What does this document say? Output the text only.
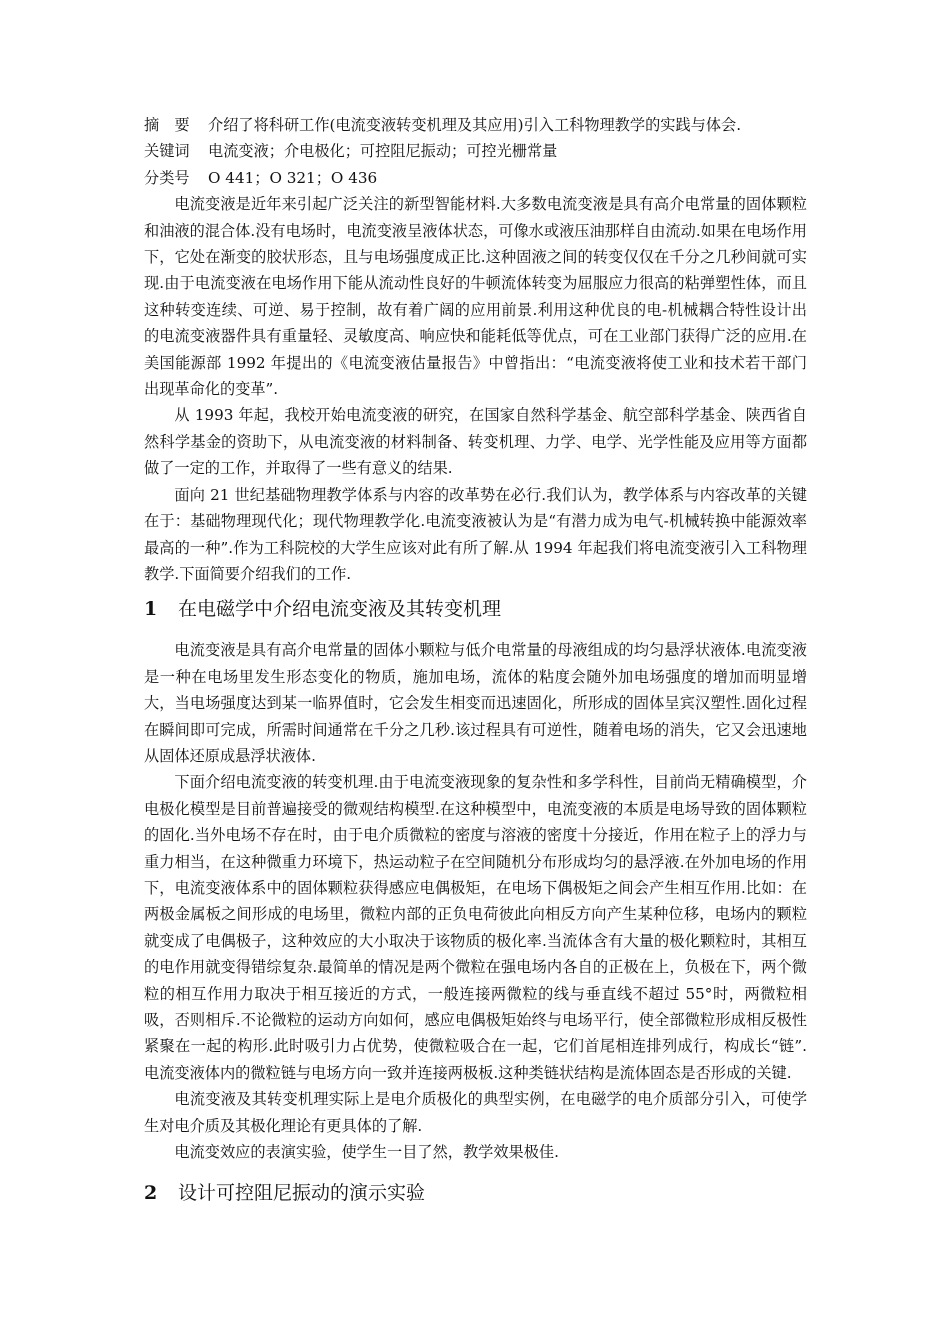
摘　要 介绍了将科研工作(电流变液转变机理及其应用)引入工科物理教学的实践与体会.
关键词 电流变液；介电极化；可控阻尼振动；可控光栅常量
分类号 O 441；O 321；O 436

电流变液是近年来引起广泛关注的新型智能材料.大多数电流变液是具有高介电常量的固体颗粒和油液的混合体.没有电场时，电流变液呈液体状态，可像水或液压油那样自由流动.如果在电场作用下，它处在渐变的胶状形态，且与电场强度成正比.这种固液之间的转变仅仅在千分之几秒间就可实现.由于电流变液在电场作用下能从流动性良好的牛顿流体转变为屈服应力很高的粘弹塑性体，而且这种转变连续、可逆、易于控制，故有着广阔的应用前景.利用这种优良的电-机械耦合特性设计出的电流变液器件具有重量轻、灵敏度高、响应快和能耗低等优点，可在工业部门获得广泛的应用.在美国能源部 1992 年提出的《电流变液估量报告》中曾指出：“电流变液将使工业和技术若干部门出现革命化的变革”.

从 1993 年起，我校开始电流变液的研究，在国家自然科学基金、航空部科学基金、陕西省自然科学基金的资助下，从电流变液的材料制备、转变机理、力学、电学、光学性能及应用等方面都做了一定的工作，并取得了一些有意义的结果.

面向 21 世纪基础物理教学体系与内容的改革势在必行.我们认为，教学体系与内容改革的关键在于：基础物理现代化；现代物理教学化.电流变液被认为是“有潜力成为电气-机械转换中能源效率最高的一种”.作为工科院校的大学生应该对此有所了解.从 1994 年起我们将电流变液引入工科物理教学.下面简要介绍我们的工作.

1 在电磁学中介绍电流变液及其转变机理

电流变液是具有高介电常量的固体小颗粒与低介电常量的母液组成的均匀悬浮状液体.电流变液是一种在电场里发生形态变化的物质，施加电场，流体的粘度会随外加电场强度的增加而明显增大，当电场强度达到某一临界值时，它会发生相变而迅速固化，所形成的固体呈宾汉塑性.固化过程在瞬间即可完成，所需时间通常在千分之几秒.该过程具有可逆性，随着电场的消失，它又会迅速地从固体还原成悬浮状液体.

下面介绍电流变液的转变机理.由于电流变液现象的复杂性和多学科性，目前尚无精确模型，介电极化模型是目前普遍接受的微观结构模型.在这种模型中，电流变液的本质是电场导致的固体颗粒的固化.当外电场不存在时，由于电介质微粒的密度与溶液的密度十分接近，作用在粒子上的浮力与重力相当，在这种微重力环境下，热运动粒子在空间随机分布形成均匀的悬浮液.在外加电场的作用下，电流变液体系中的固体颗粒获得感应电偶极矩，在电场下偶极矩之间会产生相互作用.比如：在两极金属板之间形成的电场里，微粒内部的正负电荷彼此向相反方向产生某种位移，电场内的颗粒就变成了电偶极子，这种效应的大小取决于该物质的极化率.当流体含有大量的极化颗粒时，其相互的电作用就变得错综复杂.最简单的情况是两个微粒在强电场内各自的正极在上，负极在下，两个微粒的相互作用力取决于相互接近的方式，一般连接两微粒的线与垂直线不超过 55°时，两微粒相吸，否则相斥.不论微粒的运动方向如何，感应电偶极矩始终与电场平行，使全部微粒形成相反极性紧聚在一起的构形.此时吸引力占优势，使微粒吸合在一起，它们首尾相连排列成行，构成长“链”.电流变液体内的微粒链与电场方向一致并连接两极板.这种类链状结构是流体固态是否形成的关键.

电流变液及其转变机理实际上是电介质极化的典型实例，在电磁学的电介质部分引入，可使学生对电介质及其极化理论有更具体的了解.

电流变效应的表演实验，使学生一目了然，教学效果极佳.

2 设计可控阻尼振动的演示实验
